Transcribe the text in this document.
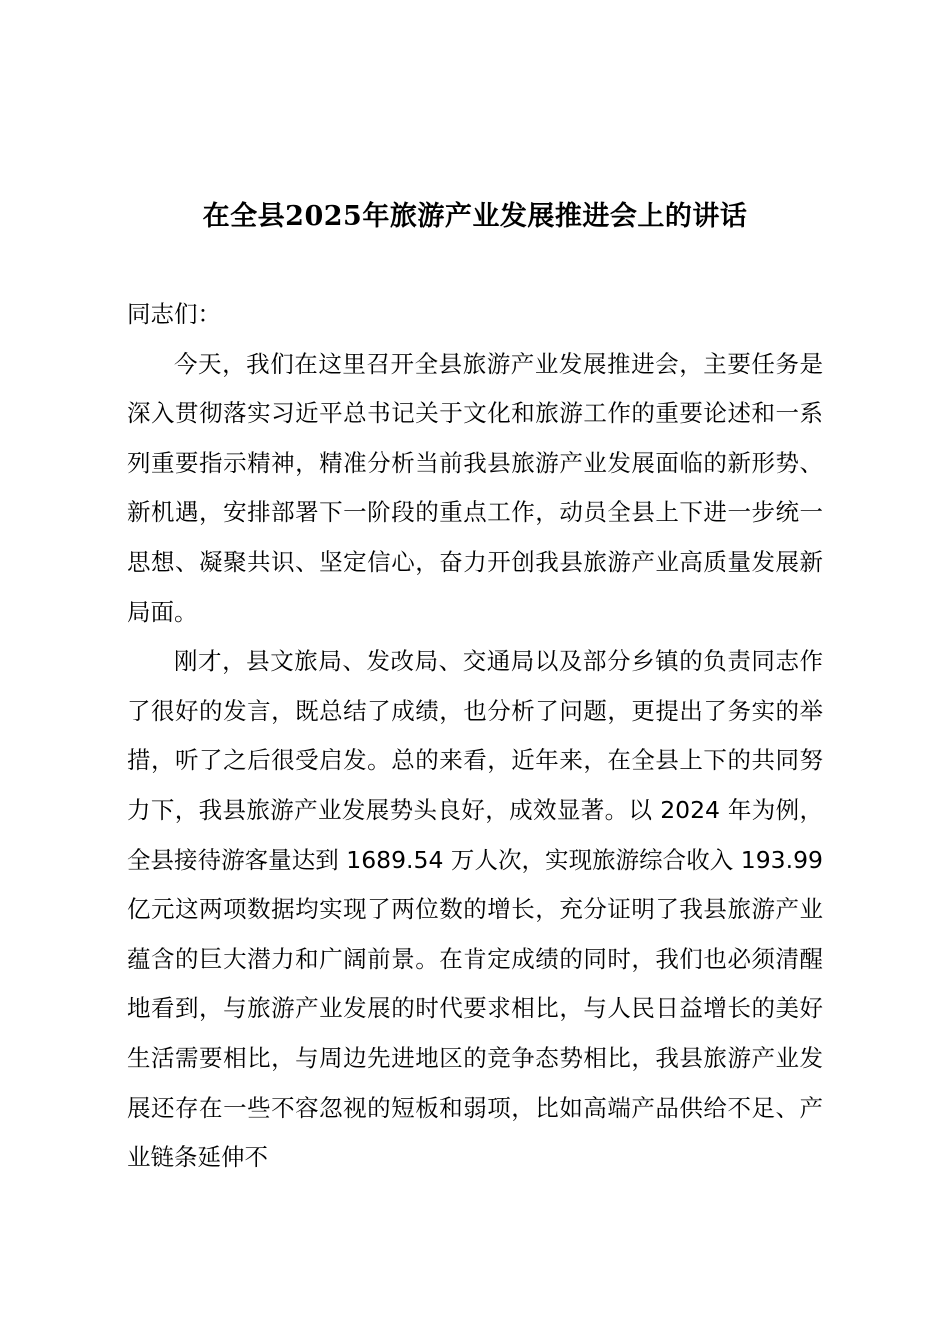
在全县2025年旅游产业发展推进会上的讲话

同志们：

今天，我们在这里召开全县旅游产业发展推进会，主要任务是深入贯彻落实习近平总书记关于文化和旅游工作的重要论述和一系列重要指示精神，精准分析当前我县旅游产业发展面临的新形势、新机遇，安排部署下一阶段的重点工作，动员全县上下进一步统一思想、凝聚共识、坚定信心，奋力开创我县旅游产业高质量发展新局面。

刚才，县文旅局、发改局、交通局以及部分乡镇的负责同志作了很好的发言，既总结了成绩，也分析了问题，更提出了务实的举措，听了之后很受启发。总的来看，近年来，在全县上下的共同努力下，我县旅游产业发展势头良好，成效显著。以 2024 年为例，全县接待游客量达到 1689.54 万人次，实现旅游综合收入 193.99 亿元这两项数据均实现了两位数的增长，充分证明了我县旅游产业蕴含的巨大潜力和广阔前景。在肯定成绩的同时，我们也必须清醒地看到，与旅游产业发展的时代要求相比，与人民日益增长的美好生活需要相比，与周边先进地区的竞争态势相比，我县旅游产业发展还存在一些不容忽视的短板和弱项，比如高端产品供给不足、产业链条延伸不
